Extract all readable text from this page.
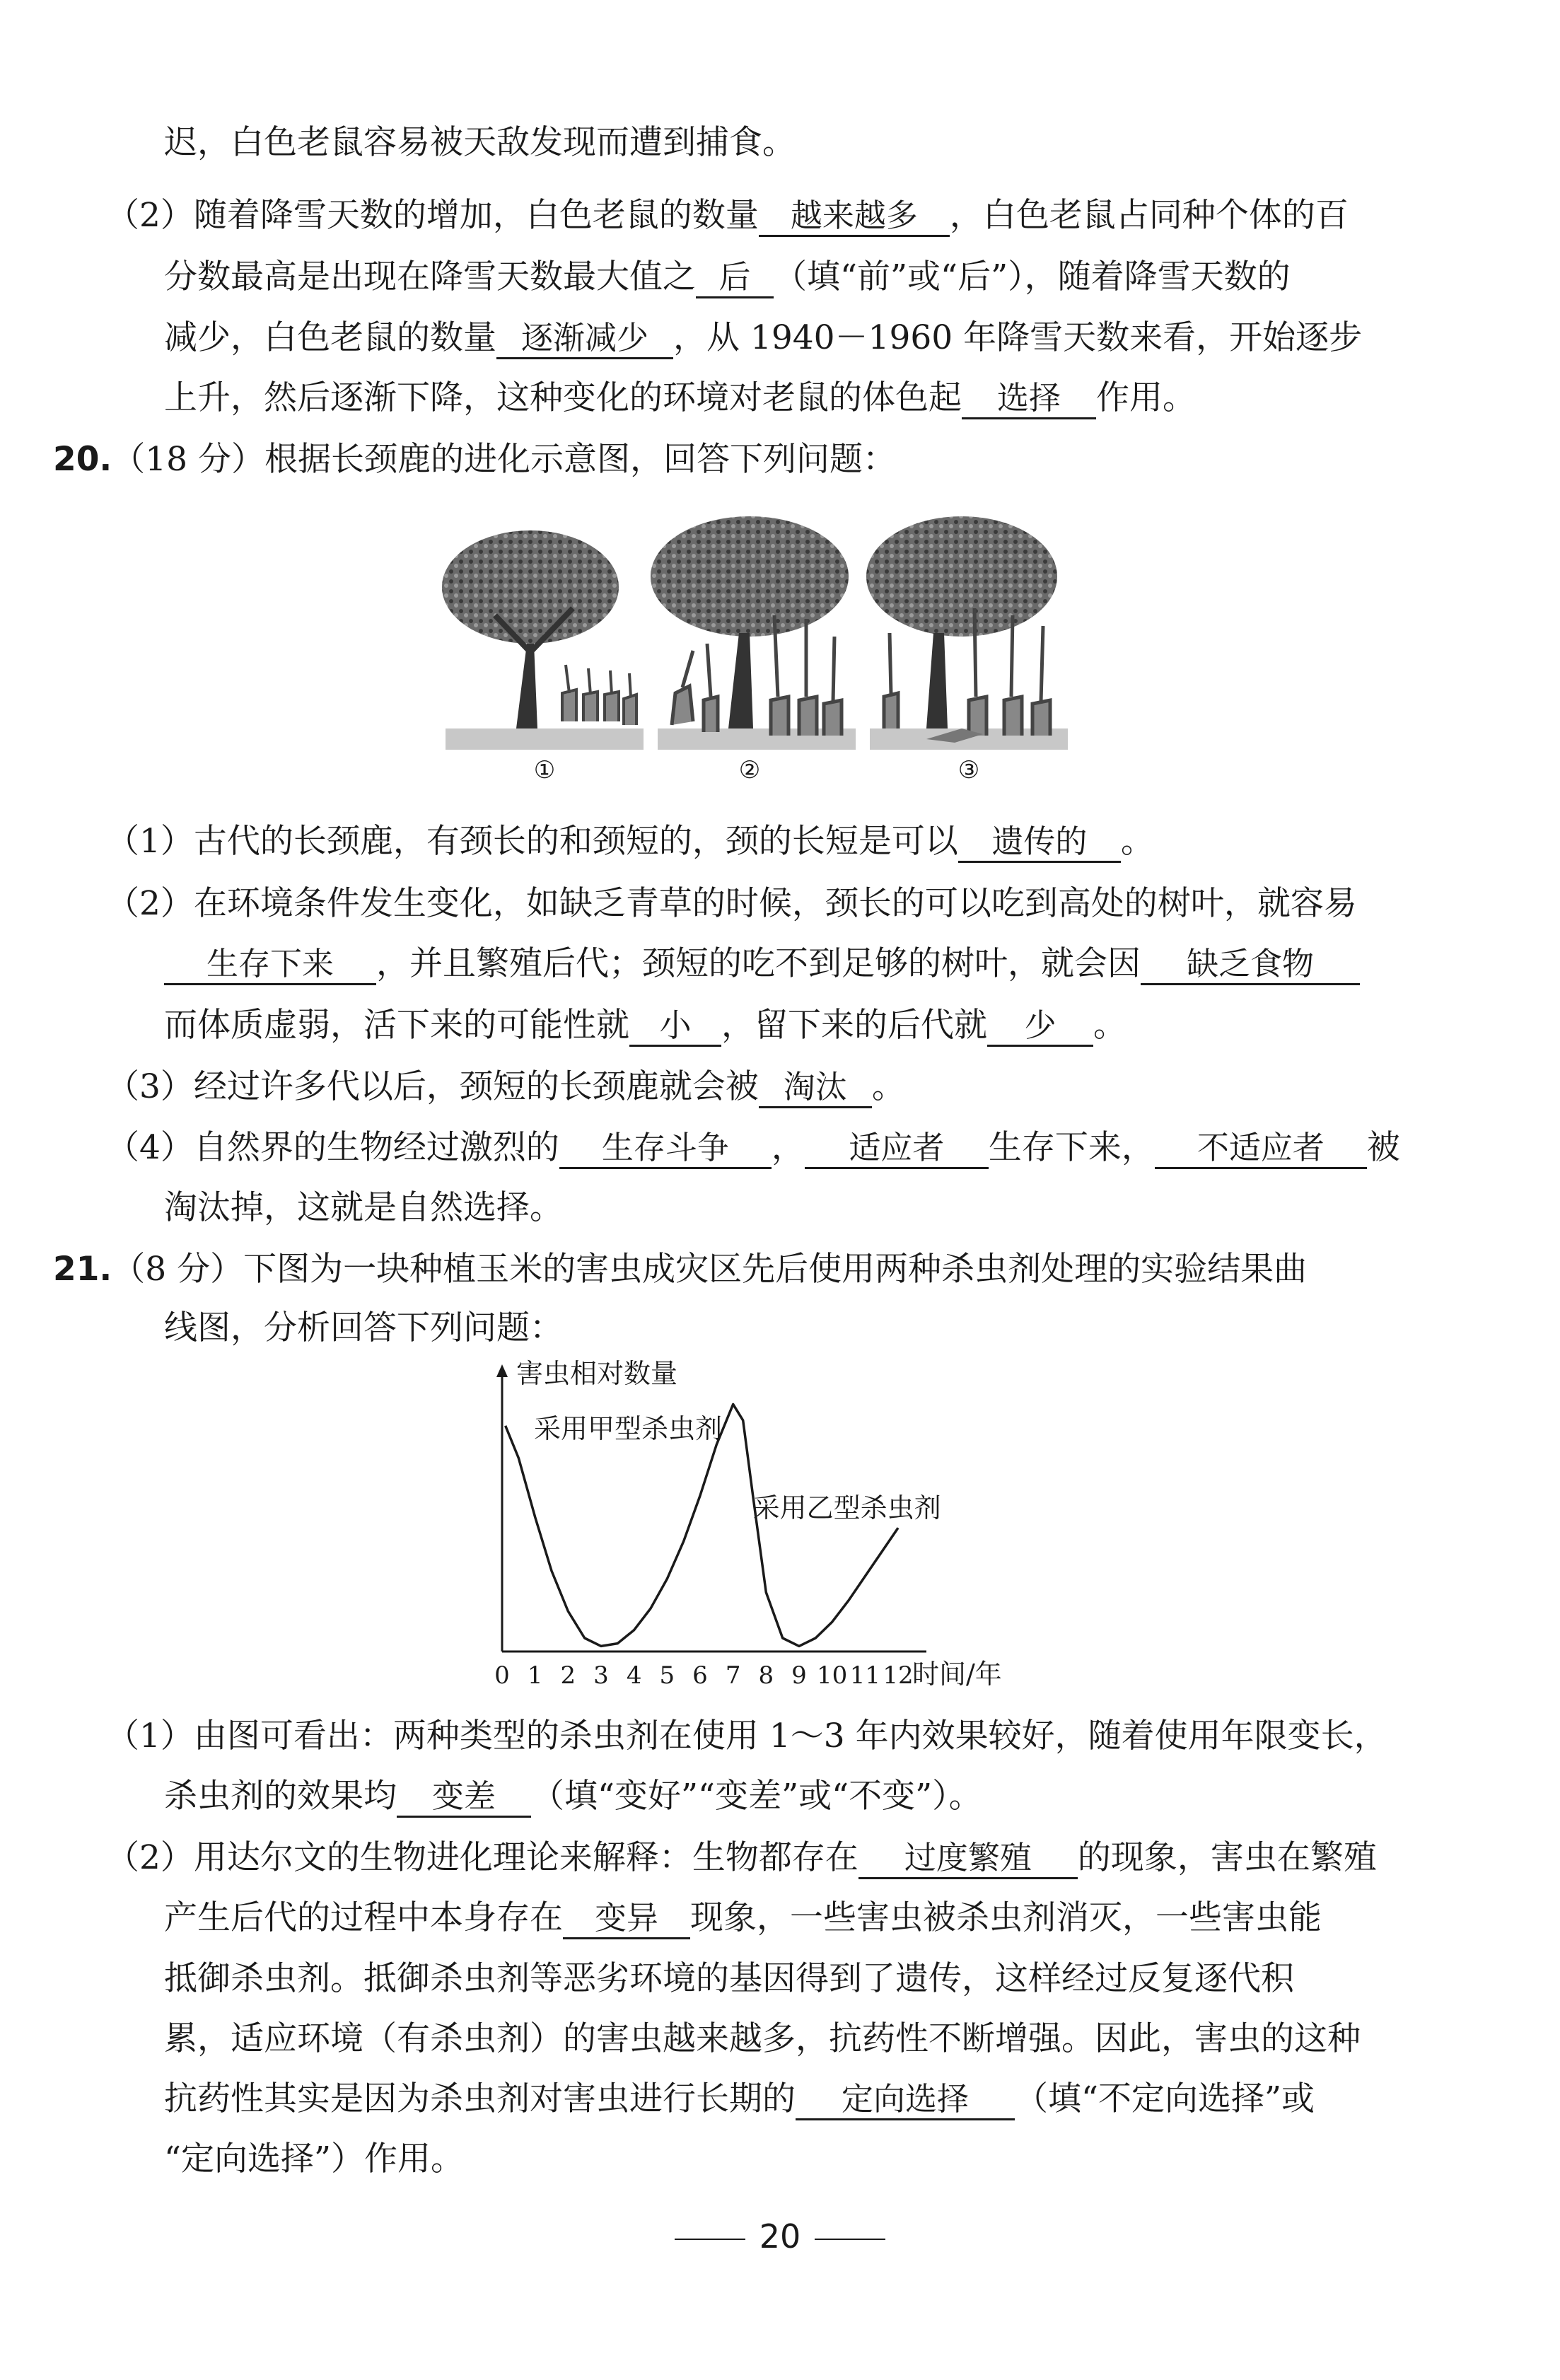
迟，白色老鼠容易被天敌发现而遭到捕食。
（2）随着降雪天数的增加，白色老鼠的数量 越来越多 ，白色老鼠占同种个体的百
分数最高是出现在降雪天数最大值之 后 （填“前”或“后”），随着降雪天数的
减少，白色老鼠的数量 逐渐减少 ，从 1940－1960 年降雪天数来看，开始逐步
上升，然后逐渐下降，这种变化的环境对老鼠的体色起 选择 作用。
20.（18 分）根据长颈鹿的进化示意图，回答下列问题：
①	②	③
（1）古代的长颈鹿，有颈长的和颈短的，颈的长短是可以 遗传的 。
（2）在环境条件发生变化，如缺乏青草的时候，颈长的可以吃到高处的树叶，就容易
生存下来 ，并且繁殖后代；颈短的吃不到足够的树叶，就会因 缺乏食物
而体质虚弱，活下来的可能性就 小 ，留下来的后代就 少 。
（3）经过许多代以后，颈短的长颈鹿就会被 淘汰 。
（4）自然界的生物经过激烈的 生存斗争 ， 适应者 生存下来， 不适应者 被
淘汰掉，这就是自然选择。
21.（8 分）下图为一块种植玉米的害虫成灾区先后使用两种杀虫剂处理的实验结果曲
线图，分析回答下列问题：
害虫相对数量
0 1 2 3 4 5 6 7 8 9 10 11 12
时间/年
采用甲型杀虫剂
采用乙型杀虫剂
（1）由图可看出：两种类型的杀虫剂在使用 1～3 年内效果较好，随着使用年限变长，
杀虫剂的效果均 变差 （填“变好”“变差”或“不变”）。
（2）用达尔文的生物进化理论来解释：生物都存在 过度繁殖 的现象，害虫在繁殖
产生后代的过程中本身存在 变异 现象，一些害虫被杀虫剂消灭，一些害虫能
抵御杀虫剂。抵御杀虫剂等恶劣环境的基因得到了遗传，这样经过反复逐代积
累，适应环境（有杀虫剂）的害虫越来越多，抗药性不断增强。因此，害虫的这种
抗药性其实是因为杀虫剂对害虫进行长期的 定向选择 （填“不定向选择”或
“定向选择”）作用。
20
